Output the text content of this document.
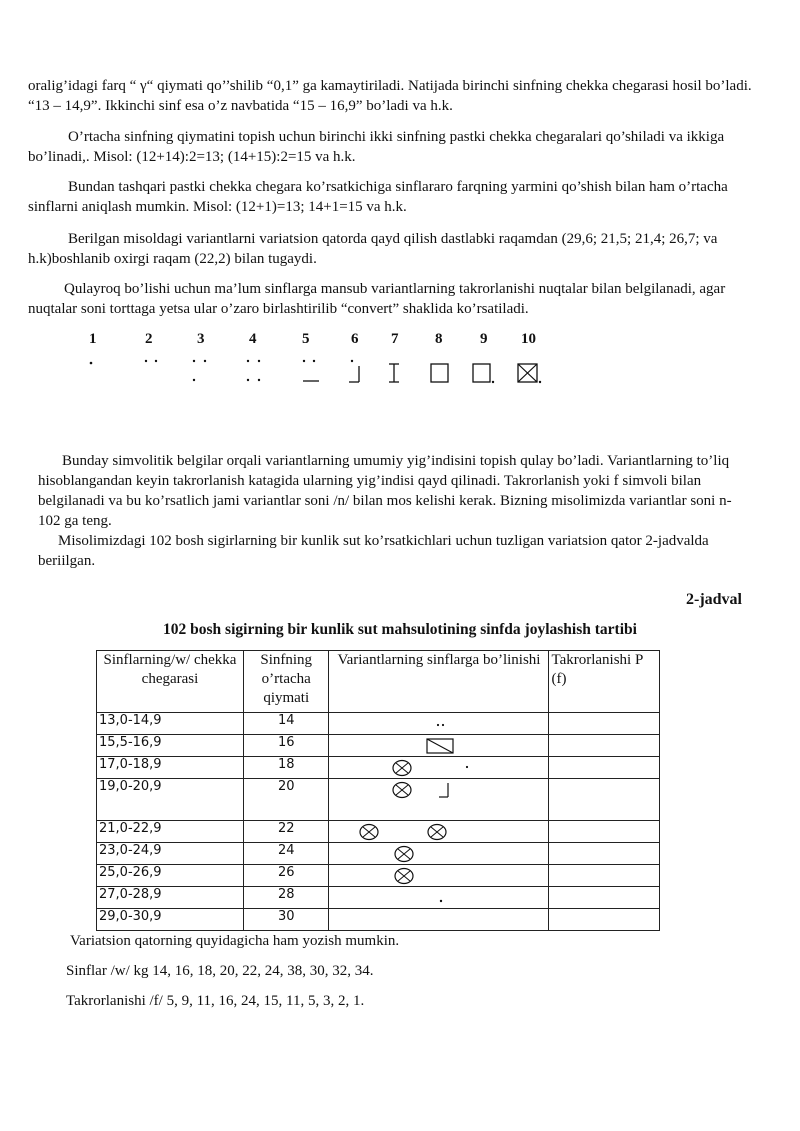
oralig’idagi farq “ γ“ qiymati qo’’shilib “0,1” ga kamaytiriladi. Natijada birinchi sinfning chekka chegarasi hosil bo’ladi. “13 – 14,9”. Ikkinchi sinf esa o’z navbatida “15 – 16,9” bo’ladi va h.k.

O’rtacha sinfning qiymatini topish uchun birinchi ikki sinfning pastki chekka chegaralari qo’shiladi va ikkiga bo’linadi,. Misol: (12+14):2=13; (14+15):2=15 va h.k.

Bundan tashqari pastki chekka chegara ko’rsatkichiga sinflararo farqning yarmini qo’shish bilan ham o’rtacha sinflarni aniqlash mumkin. Misol: (12+1)=13; 14+1=15 va h.k.

Berilgan misoldagi variantlarni variatsion qatorda qayd qilish dastlabki raqamdan (29,6; 21,5; 21,4; 26,7; va h.k)boshlanib oxirgi raqam (22,2) bilan tugaydi.

Qulayroq bo’lishi uchun ma’lum sinflarga mansub variantlarning takrorlanishi nuqtalar bilan belgilanadi, agar nuqtalar soni torttaga yetsa ular o’zaro birlashtirilib “convert” shaklida ko’rsatiladi.

1	2	3	4	5	6 7 8	9 10

Bunday simvolitik belgilar orqali variantlarning umumiy yig’indisini topish qulay bo’ladi. Variantlarning to’liq hisoblangandan keyin takrorlanish katagida ularning yig’indisi qayd qilinadi. Takrorlanish yoki f simvoli bilan belgilanadi va bu ko’rsatlich jami variantlar soni /n/ bilan mos kelishi kerak. Bizning misolimizda variantlar soni n-102 ga teng.

Misolimizdagi 102 bosh sigirlarning bir kunlik sut ko’rsatkichlari uchun tuzligan variatsion qator 2-jadvalda beriilgan.

2-jadval
102 bosh sigirning bir kunlik sut mahsulotining sinfda joylashish tartibi
Sinflarning/w/ chekka chegarasi	Sinfning o’rtacha qiymati	Variantlarning sinflarga bo’linishi	Takrorlanishi P (f)
13,0-14,9	14	

15,5-16,9	16	

17,0-18,9	18	

19,0-20,9	20	

21,0-22,9	22	

23,0-24,9	24	

25,0-26,9	26	

27,0-28,9	28	

29,0-30,9	30		
Variatsion qatorning quyidagicha ham yozish mumkin.
Sinflar /w/ kg 14, 16, 18, 20, 22, 24, 38, 30, 32, 34.
Takrorlanishi /f/ 5, 9, 11, 16, 24, 15, 11, 5, 3, 2, 1.
